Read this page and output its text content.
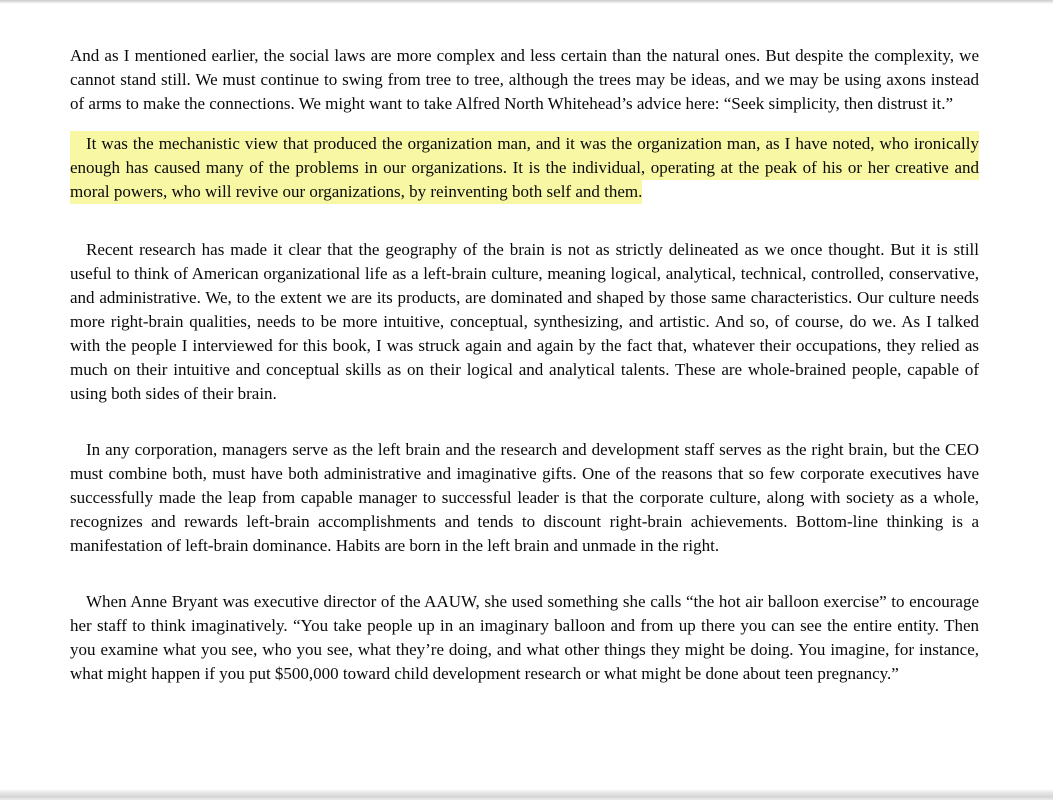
And as I mentioned earlier, the social laws are more complex and less certain than the natural ones. But despite the complexity, we cannot stand still. We must continue to swing from tree to tree, although the trees may be ideas, and we may be using axons instead of arms to make the connections. We might want to take Alfred North Whitehead’s advice here: “Seek simplicity, then distrust it.”

It was the mechanistic view that produced the organization man, and it was the organization man, as I have noted, who ironically enough has caused many of the problems in our organizations. It is the individual, operating at the peak of his or her creative and moral powers, who will revive our organizations, by reinventing both self and them.

Recent research has made it clear that the geography of the brain is not as strictly delineated as we once thought. But it is still useful to think of American organizational life as a left-brain culture, meaning logical, analytical, technical, controlled, conservative, and administrative. We, to the extent we are its products, are dominated and shaped by those same characteristics. Our culture needs more right-brain qualities, needs to be more intuitive, conceptual, synthesizing, and artistic. And so, of course, do we. As I talked with the people I interviewed for this book, I was struck again and again by the fact that, whatever their occupations, they relied as much on their intuitive and conceptual skills as on their logical and analytical talents. These are whole-brained people, capable of using both sides of their brain.

In any corporation, managers serve as the left brain and the research and development staff serves as the right brain, but the CEO must combine both, must have both administrative and imaginative gifts. One of the reasons that so few corporate executives have successfully made the leap from capable manager to successful leader is that the corporate culture, along with society as a whole, recognizes and rewards left-brain accomplishments and tends to discount right-brain achievements. Bottom-line thinking is a manifestation of left-brain dominance. Habits are born in the left brain and unmade in the right.

When Anne Bryant was executive director of the AAUW, she used something she calls “the hot air balloon exercise” to encourage her staff to think imaginatively. “You take people up in an imaginary balloon and from up there you can see the entire entity. Then you examine what you see, who you see, what they’re doing, and what other things they might be doing. You imagine, for instance, what might happen if you put $500,000 toward child development research or what might be done about teen pregnancy.”
